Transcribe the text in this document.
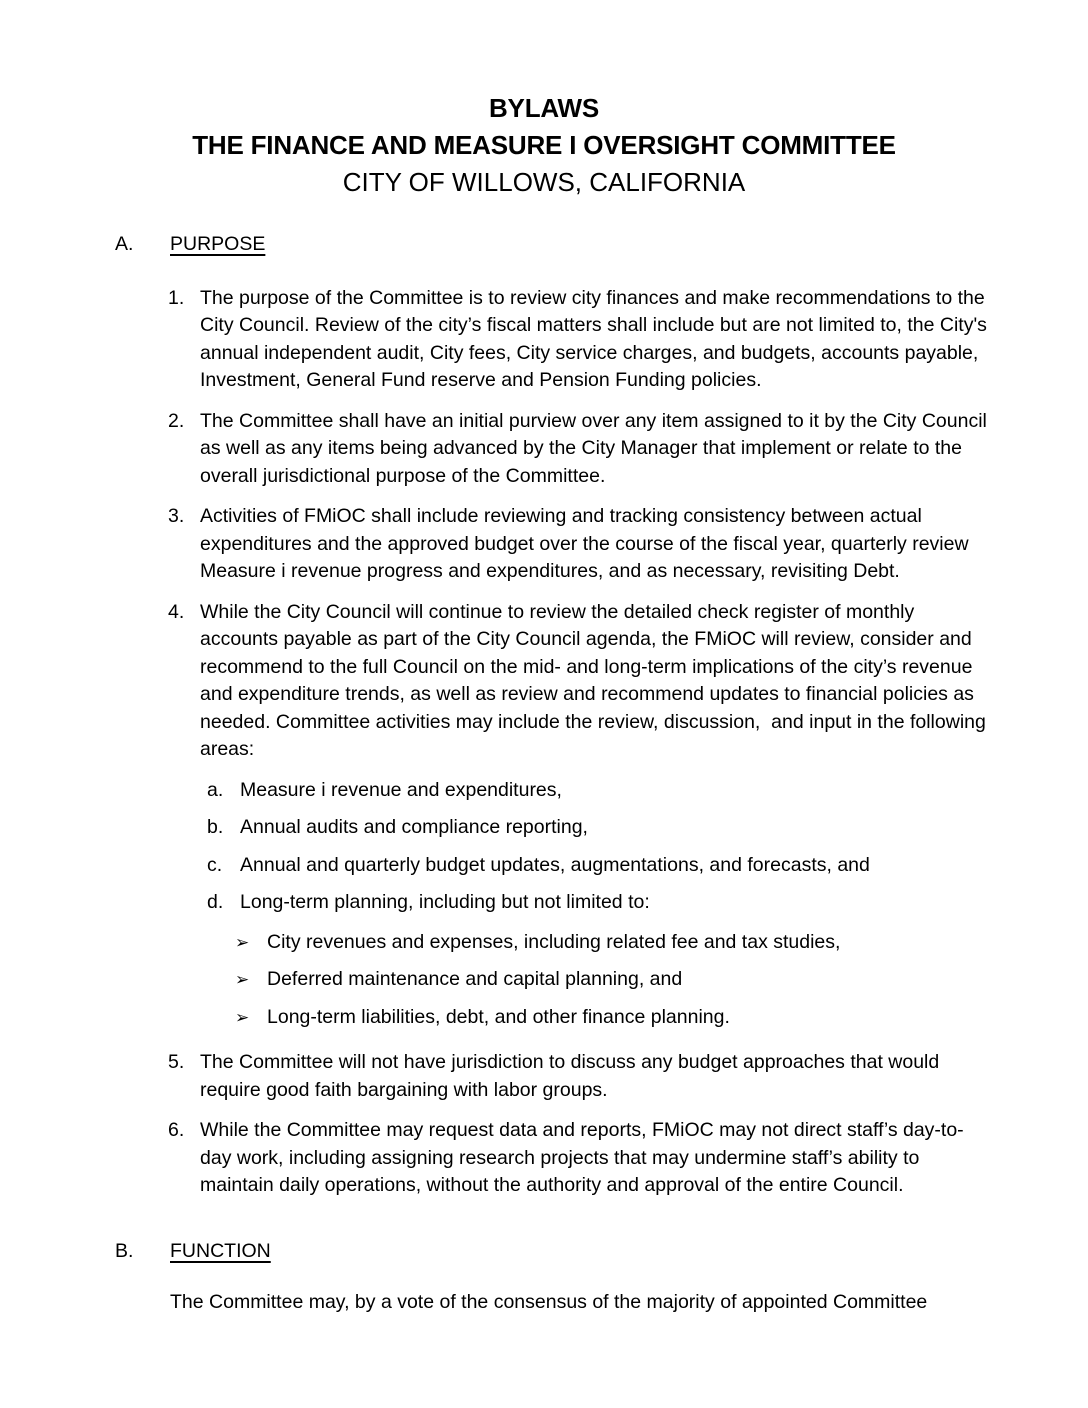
BYLAWS
THE FINANCE AND MEASURE I OVERSIGHT COMMITTEE
CITY OF WILLOWS, CALIFORNIA
A.	PURPOSE
1. The purpose of the Committee is to review city finances and make recommendations to the City Council. Review of the city’s fiscal matters shall include but are not limited to, the City's annual independent audit, City fees, City service charges, and budgets, accounts payable, Investment, General Fund reserve and Pension Funding policies.
2. The Committee shall have an initial purview over any item assigned to it by the City Council as well as any items being advanced by the City Manager that implement or relate to the overall jurisdictional purpose of the Committee.
3. Activities of FMiOC shall include reviewing and tracking consistency between actual expenditures and the approved budget over the course of the fiscal year, quarterly review Measure i revenue progress and expenditures, and as necessary, revisiting Debt.
4. While the City Council will continue to review the detailed check register of monthly accounts payable as part of the City Council agenda, the FMiOC will review, consider and recommend to the full Council on the mid- and long-term implications of the city’s revenue and expenditure trends, as well as review and recommend updates to financial policies as needed. Committee activities may include the review, discussion,  and input in the following areas:
a. Measure i revenue and expenditures,
b. Annual audits and compliance reporting,
c. Annual and quarterly budget updates, augmentations, and forecasts, and
d. Long-term planning, including but not limited to:
➢ City revenues and expenses, including related fee and tax studies,
➢ Deferred maintenance and capital planning, and
➢ Long-term liabilities, debt, and other finance planning.
5. The Committee will not have jurisdiction to discuss any budget approaches that would require good faith bargaining with labor groups.
6. While the Committee may request data and reports, FMiOC may not direct staff’s day-to-day work, including assigning research projects that may undermine staff’s ability to maintain daily operations, without the authority and approval of the entire Council.
B.	FUNCTION
The Committee may, by a vote of the consensus of the majority of appointed Committee
